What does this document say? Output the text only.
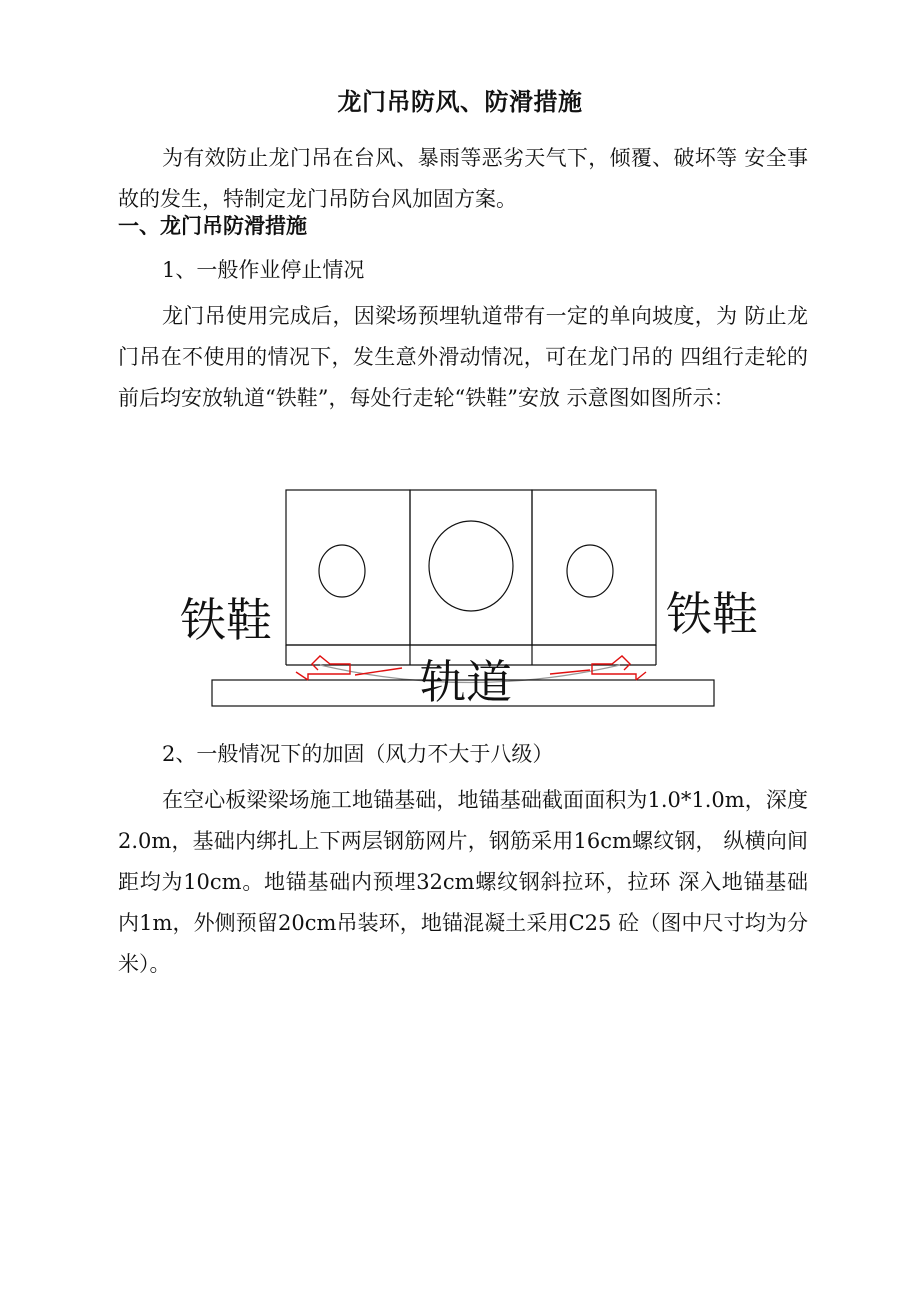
龙门吊防风、防滑措施
为有效防止龙门吊在台风、暴雨等恶劣天气下，倾覆、破坏等 安全事故的发生，特制定龙门吊防台风加固方案。
一、龙门吊防滑措施
1、一般作业停止情况
龙门吊使用完成后，因梁场预埋轨道带有一定的单向坡度，为 防止龙门吊在不使用的情况下，发生意外滑动情况，可在龙门吊的 四组行走轮的前后均安放轨道“铁鞋”，每处行走轮“铁鞋”安放 示意图如图所示：
铁鞋	铁鞋
轨道
2、一般情况下的加固（风力不大于八级）
在空心板梁梁场施工地锚基础，地锚基础截面面积为1.0*1.0m，深度2.0m，基础内绑扎上下两层钢筋网片，钢筋采用16cm螺纹钢， 纵横向间距均为10cm。地锚基础内预埋32cm螺纹钢斜拉环，拉环 深入地锚基础内1m，外侧预留20cm吊装环，地锚混凝土采用C25 砼（图中尺寸均为分米）。
